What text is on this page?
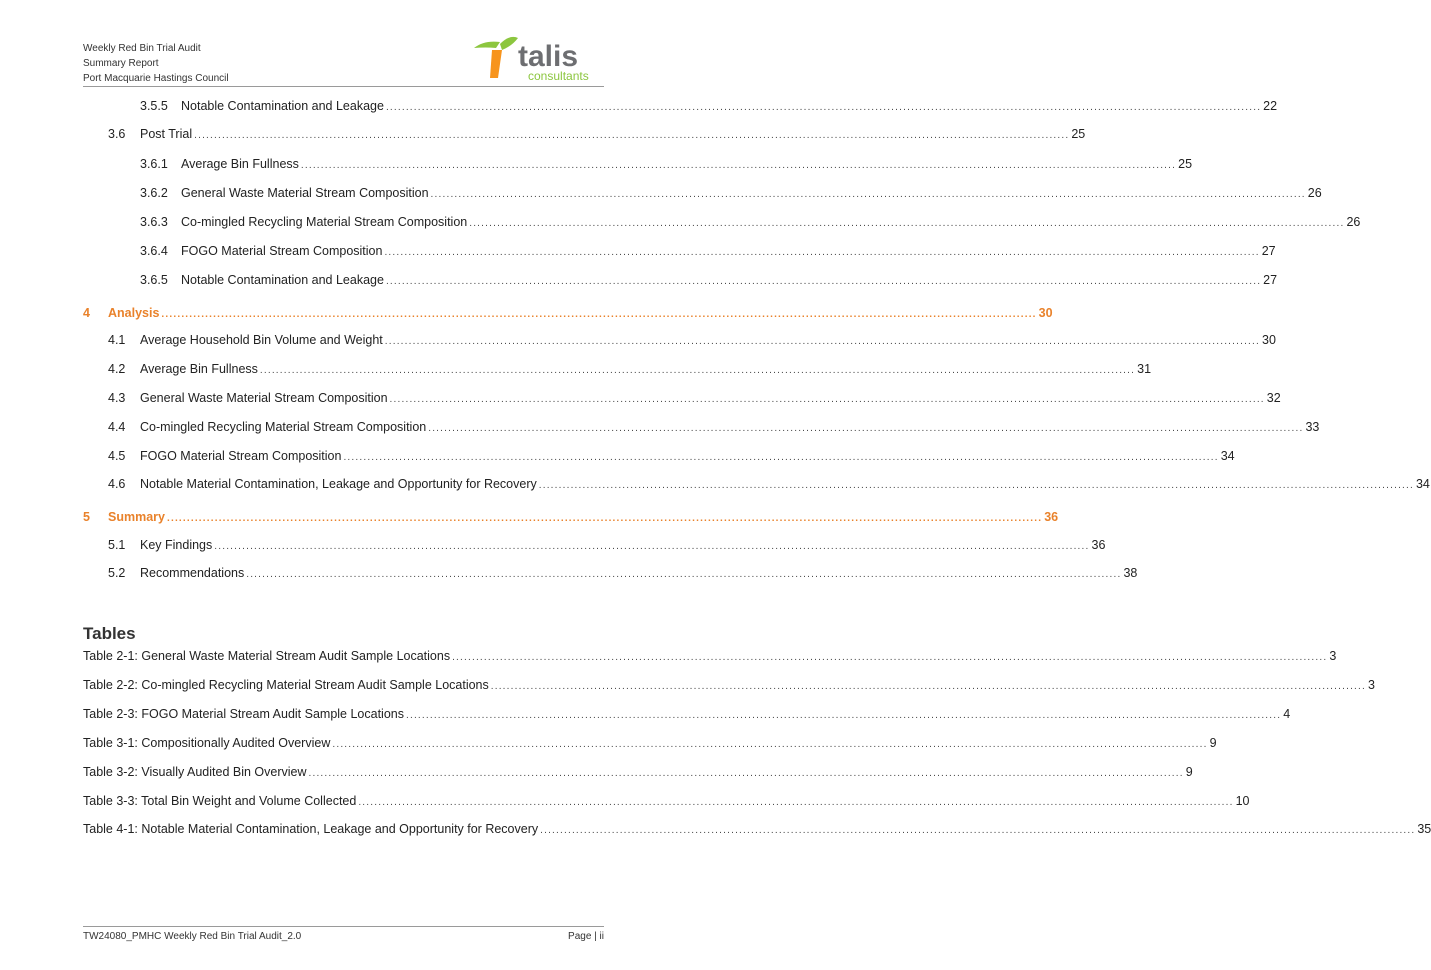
Weekly Red Bin Trial Audit
Summary Report
Port Macquarie Hastings Council
talis
consultants
3.5.5	Notable Contamination and Leakage ............................................................................................................................................................................................................................ 22
3.6	Post Trial ............................................................................................................................................................................................................................ 25
3.6.1	Average Bin Fullness ............................................................................................................................................................................................................................ 25
3.6.2	General Waste Material Stream Composition ............................................................................................................................................................................................................................ 26
3.6.3	Co-mingled Recycling Material Stream Composition ............................................................................................................................................................................................................................ 26
3.6.4	FOGO Material Stream Composition ............................................................................................................................................................................................................................ 27
3.6.5	Notable Contamination and Leakage ............................................................................................................................................................................................................................ 27
4	Analysis ............................................................................................................................................................................................................................ 30
4.1	Average Household Bin Volume and Weight ............................................................................................................................................................................................................................ 30
4.2	Average Bin Fullness ............................................................................................................................................................................................................................ 31
4.3	General Waste Material Stream Composition ............................................................................................................................................................................................................................ 32
4.4	Co-mingled Recycling Material Stream Composition ............................................................................................................................................................................................................................ 33
4.5	FOGO Material Stream Composition ............................................................................................................................................................................................................................ 34
4.6	Notable Material Contamination, Leakage and Opportunity for Recovery ............................................................................................................................................................................................................................ 34
5	Summary ............................................................................................................................................................................................................................ 36
5.1	Key Findings ............................................................................................................................................................................................................................ 36
5.2	Recommendations ............................................................................................................................................................................................................................ 38
Tables
Table 2-1: General Waste Material Stream Audit Sample Locations ............................................................................................................................................................................................................................ 3
Table 2-2: Co-mingled Recycling Material Stream Audit Sample Locations ............................................................................................................................................................................................................................ 3
Table 2-3: FOGO Material Stream Audit Sample Locations ............................................................................................................................................................................................................................ 4
Table 3-1: Compositionally Audited Overview ............................................................................................................................................................................................................................ 9
Table 3-2: Visually Audited Bin Overview ............................................................................................................................................................................................................................ 9
Table 3-3: Total Bin Weight and Volume Collected ............................................................................................................................................................................................................................ 10
Table 4-1: Notable Material Contamination, Leakage and Opportunity for Recovery ............................................................................................................................................................................................................................ 35
TW24080_PMHC Weekly Red Bin Trial Audit_2.0	Page | ii
